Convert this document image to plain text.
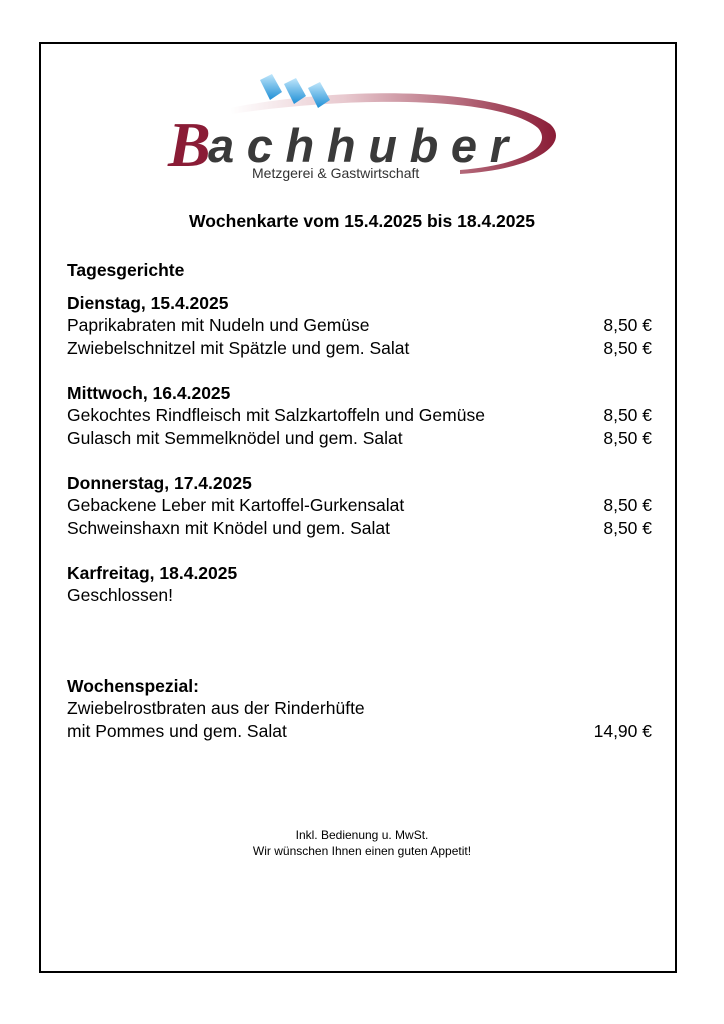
B
achhuber
Metzgerei & Gastwirtschaft
Wochenkarte vom 15.4.2025 bis 18.4.2025
Tagesgerichte
Dienstag, 15.4.2025
Paprikabraten mit Nudeln und Gemüse	8,50 €
Zwiebelschnitzel mit Spätzle und gem. Salat	8,50 €
Mittwoch, 16.4.2025
Gekochtes Rindfleisch mit Salzkartoffeln und Gemüse	8,50 €
Gulasch mit Semmelknödel und gem. Salat	8,50 €
Donnerstag, 17.4.2025
Gebackene Leber mit Kartoffel-Gurkensalat	8,50 €
Schweinshaxn mit Knödel und gem. Salat	8,50 €
Karfreitag, 18.4.2025
Geschlossen!
Wochenspezial:
Zwiebelrostbraten aus der Rinderhüfte
mit Pommes und gem. Salat	14,90 €
Inkl. Bedienung u. MwSt.
Wir wünschen Ihnen einen guten Appetit!
